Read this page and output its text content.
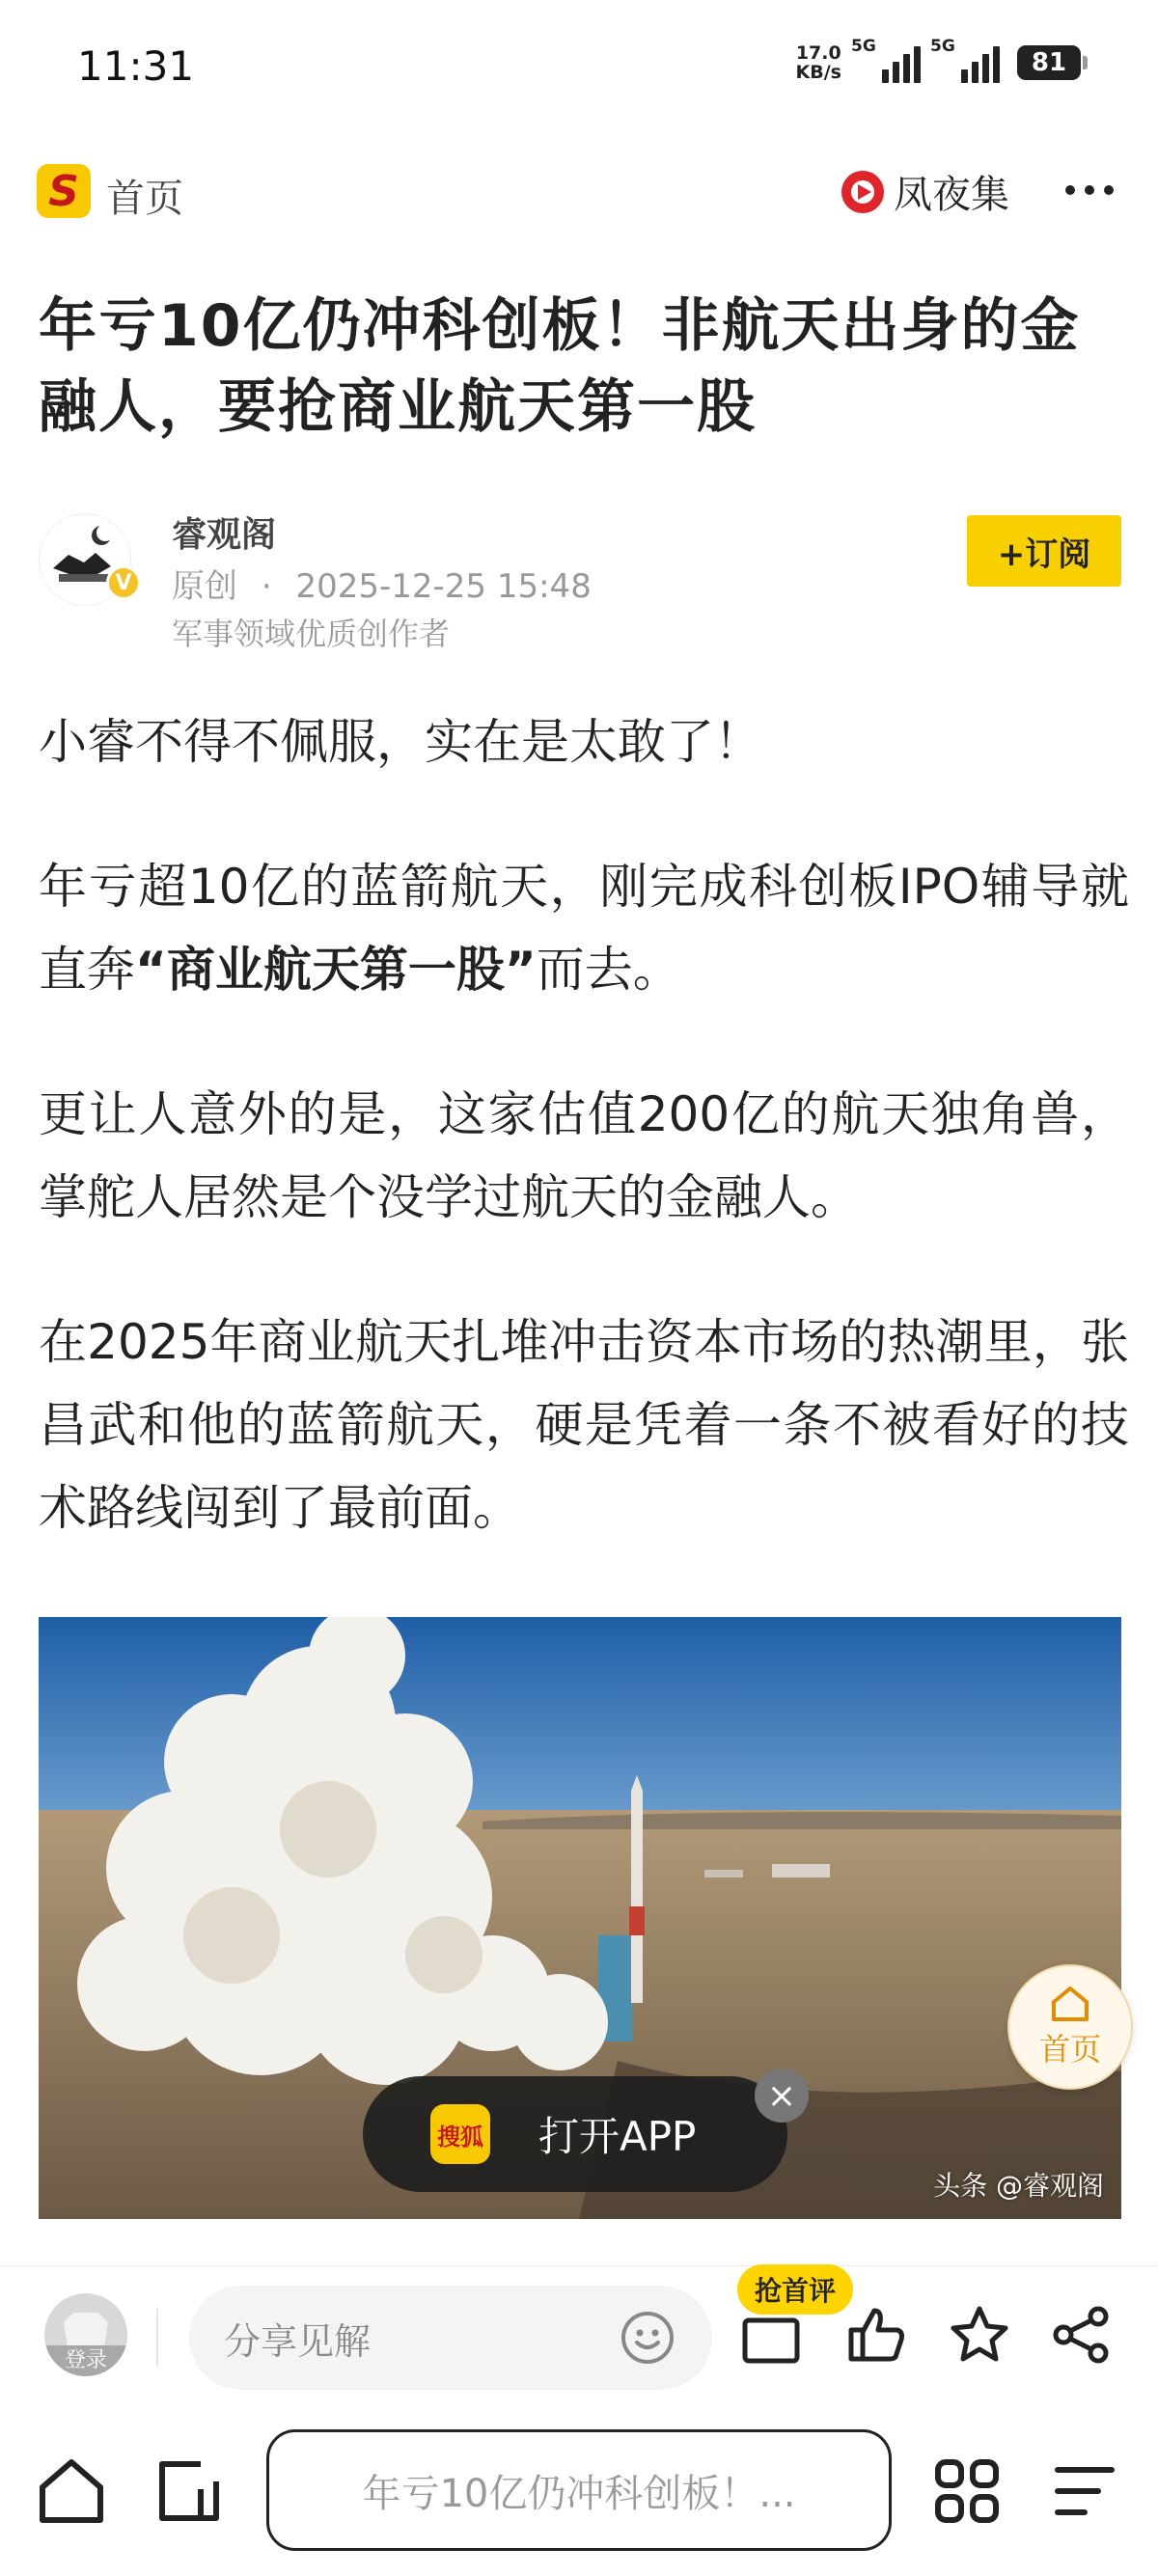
11:31	17.0
KB/s
5G	5G
81
S 首页	凤夜集
年亏10亿仍冲科创板！非航天出身的金融人，要抢商业航天第一股
V
睿观阁
原创 · 2025-12-25 15:48
军事领域优质创作者
+订阅

小睿不得不佩服，实在是太敢了！

年亏超10亿的蓝箭航天，刚完成科创板IPO辅导就直奔“商业航天第一股”而去。

更让人意外的是，这家估值200亿的航天独角兽，掌舵人居然是个没学过航天的金融人。

在2025年商业航天扎堆冲击资本市场的热潮里，张昌武和他的蓝箭航天，硬是凭着一条不被看好的技术路线闯到了最前面。

头条 @睿观阁
首页
搜狐 打开APP
×
登录	分享见解
抢首评
年亏10亿仍冲科创板！...
